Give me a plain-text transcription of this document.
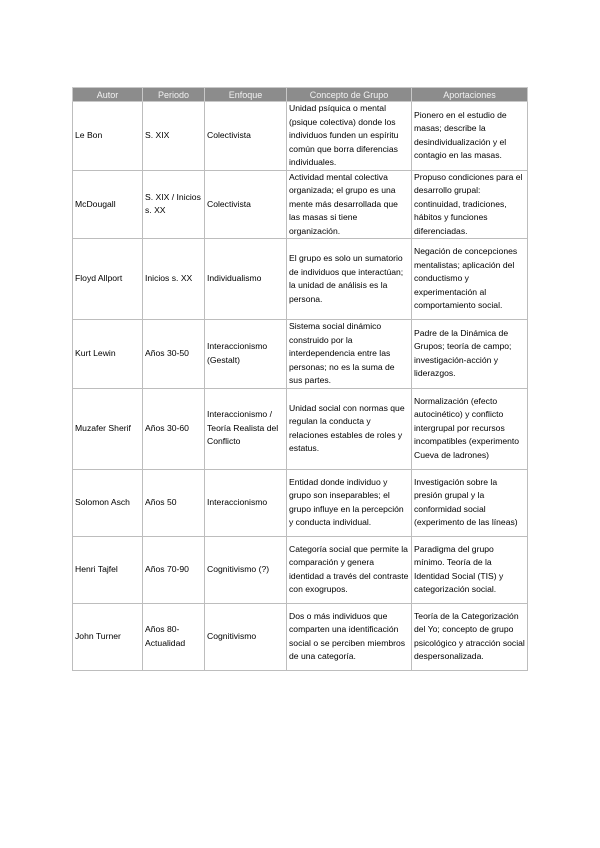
Autor	Periodo	Enfoque	Concepto de Grupo	Aportaciones
Le Bon	S. XIX	Colectivista	Unidad psíquica o mental (psique colectiva) donde los individuos funden un espíritu común que borra diferencias individuales.	Pionero en el estudio de masas; describe la desindividualización y el contagio en las masas.
McDougall	S. XIX / Inicios s. XX	Colectivista	Actividad mental colectiva organizada; el grupo es una mente más desarrollada que las masas si tiene organización.	Propuso condiciones para el desarrollo grupal: continuidad, tradiciones, hábitos y funciones diferenciadas.
Floyd Allport	Inicios s. XX	Individualismo	El grupo es solo un sumatorio de individuos que interactúan; la unidad de análisis es la persona.	Negación de concepciones mentalistas; aplicación del conductismo y experimentación al comportamiento social.
Kurt Lewin	Años 30-50	Interaccionismo (Gestalt)	Sistema social dinámico construido por la interdependencia entre las personas; no es la suma de sus partes.	Padre de la Dinámica de Grupos; teoría de campo; investigación-acción y liderazgos.
Muzafer Sherif	Años 30-60	Interaccionismo / Teoría Realista del Conflicto	Unidad social con normas que regulan la conducta y relaciones estables de roles y estatus.	Normalización (efecto autocinético) y conflicto intergrupal por recursos incompatibles (experimento Cueva de ladrones)
Solomon Asch	Años 50	Interaccionismo	Entidad donde individuo y grupo son inseparables; el grupo influye en la percepción y conducta individual.	Investigación sobre la presión grupal y la conformidad social (experimento de las líneas)
Henri Tajfel	Años 70-90	Cognitivismo (?)	Categoría social que permite la comparación y genera identidad a través del contraste con exogrupos.	Paradigma del grupo mínimo. Teoría de la Identidad Social (TIS) y categorización social.
John Turner	Años 80-Actualidad	Cognitivismo	Dos o más individuos que comparten una identificación social o se perciben miembros de una categoría.	Teoría de la Categorización del Yo; concepto de grupo psicológico y atracción social despersonalizada.
